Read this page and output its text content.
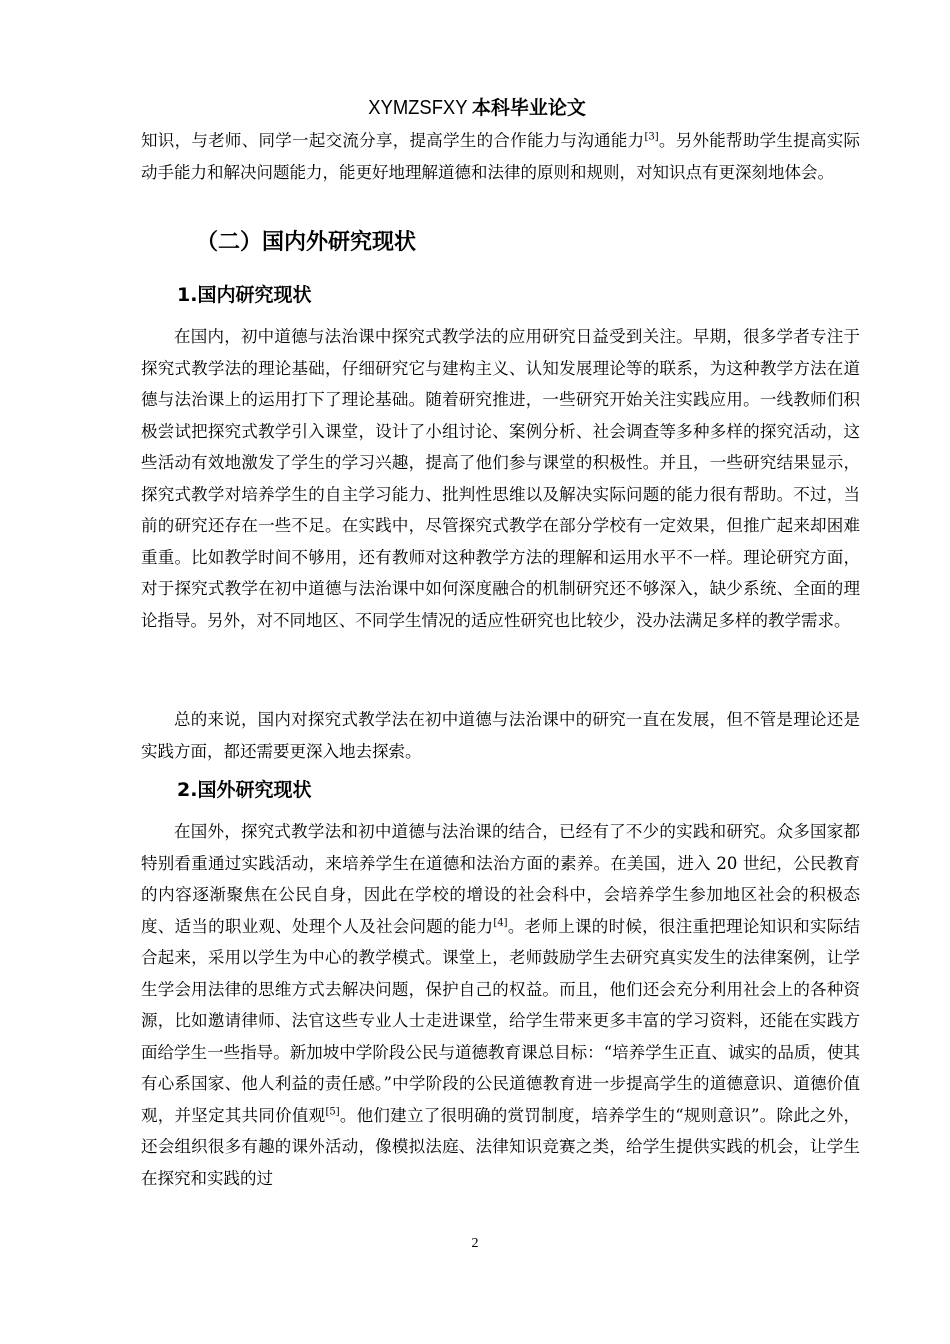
XYMZSFXY 本科毕业论文

知识，与老师、同学一起交流分享，提高学生的合作能力与沟通能力[3]。另外能帮助学生提高实际动手能力和解决问题能力，能更好地理解道德和法律的原则和规则，对知识点有更深刻地体会。

（二）国内外研究现状
1.国内研究现状

在国内，初中道德与法治课中探究式教学法的应用研究日益受到关注。早期，很多学者专注于探究式教学法的理论基础，仔细研究它与建构主义、认知发展理论等的联系，为这种教学方法在道德与法治课上的运用打下了理论基础。随着研究推进，一些研究开始关注实践应用。一线教师们积极尝试把探究式教学引入课堂，设计了小组讨论、案例分析、社会调查等多种多样的探究活动，这些活动有效地激发了学生的学习兴趣，提高了他们参与课堂的积极性。并且，一些研究结果显示，探究式教学对培养学生的自主学习能力、批判性思维以及解决实际问题的能力很有帮助。不过，当前的研究还存在一些不足。在实践中，尽管探究式教学在部分学校有一定效果，但推广起来却困难重重。比如教学时间不够用，还有教师对这种教学方法的理解和运用水平不一样。理论研究方面，对于探究式教学在初中道德与法治课中如何深度融合的机制研究还不够深入，缺少系统、全面的理论指导。另外，对不同地区、不同学生情况的适应性研究也比较少，没办法满足多样的教学需求。

总的来说，国内对探究式教学法在初中道德与法治课中的研究一直在发展，但不管是理论还是实践方面，都还需要更深入地去探索。

2.国外研究现状

在国外，探究式教学法和初中道德与法治课的结合，已经有了不少的实践和研究。众多国家都特别看重通过实践活动，来培养学生在道德和法治方面的素养。在美国，进入 20 世纪，公民教育的内容逐渐聚焦在公民自身，因此在学校的增设的社会科中，会培养学生参加地区社会的积极态度、适当的职业观、处理个人及社会问题的能力[4]。老师上课的时候，很注重把理论知识和实际结合起来，采用以学生为中心的教学模式。课堂上，老师鼓励学生去研究真实发生的法律案例，让学生学会用法律的思维方式去解决问题，保护自己的权益。而且，他们还会充分利用社会上的各种资源，比如邀请律师、法官这些专业人士走进课堂，给学生带来更多丰富的学习资料，还能在实践方面给学生一些指导。新加坡中学阶段公民与道德教育课总目标：“培养学生正直、诚实的品质，使其有心系国家、他人利益的责任感。”中学阶段的公民道德教育进一步提高学生的道德意识、道德价值观，并坚定其共同价值观[5]。他们建立了很明确的赏罚制度，培养学生的“规则意识”。除此之外，还会组织很多有趣的课外活动，像模拟法庭、法律知识竞赛之类，给学生提供实践的机会，让学生在探究和实践的过

2
